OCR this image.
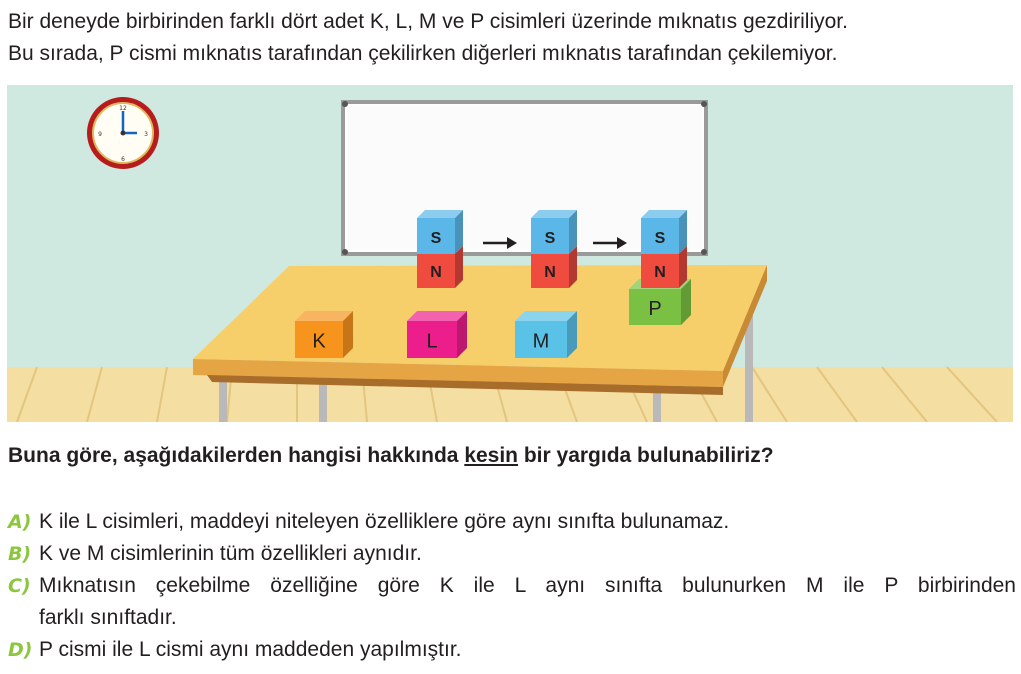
Bir deneyde birbirinden farklı dört adet K, L, M ve P cisimleri üzerinde mıknatıs gezdiriliyor.

Bu sırada, P cismi mıknatıs tarafından çekilirken diğerleri mıknatıs tarafından çekilemiyor.

12
3
6
9
K	L	M
P
S
N
S
N
S
N
Buna göre, aşağıdakilerden hangisi hakkında kesin bir yargıda bulunabiliriz?
A) K ile L cisimleri, maddeyi niteleyen özelliklere göre aynı sınıfta bulunamaz.
B) K ve M cisimlerinin tüm özellikleri aynıdır.
C) Mıknatısın çekebilme özelliğine göre K ile L aynı sınıfta bulunurken M ile P birbirinden
farklı sınıftadır.
D) P cismi ile L cismi aynı maddeden yapılmıştır.
